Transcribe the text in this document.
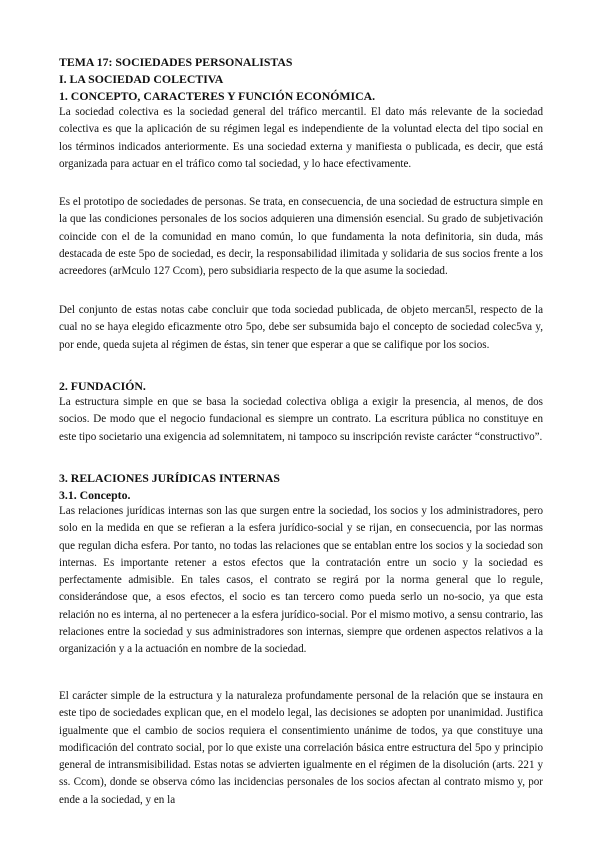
TEMA 17: SOCIEDADES PERSONALISTAS
I. LA SOCIEDAD COLECTIVA
1. CONCEPTO, CARACTERES Y FUNCIÓN ECONÓMICA.

La sociedad colectiva es la sociedad general del tráfico mercantil. El dato más relevante de la sociedad colectiva es que la aplicación de su régimen legal es independiente de la voluntad electa del tipo social en los términos indicados anteriormente. Es una sociedad externa y manifiesta o publicada, es decir, que está organizada para actuar en el tráfico como tal sociedad, y lo hace efectivamente.

Es el prototipo de sociedades de personas. Se trata, en consecuencia, de una sociedad de estructura simple en la que las condiciones personales de los socios adquieren una dimensión esencial. Su grado de subjetivación coincide con el de la comunidad en mano común, lo que fundamenta la nota definitoria, sin duda, más destacada de este 5po de sociedad, es decir, la responsabilidad ilimitada y solidaria de sus socios frente a los acreedores (arMculo 127 Ccom), pero subsidiaria respecto de la que asume la sociedad.

Del conjunto de estas notas cabe concluir que toda sociedad publicada, de objeto mercan5l, respecto de la cual no se haya elegido eficazmente otro 5po, debe ser subsumida bajo el concepto de sociedad colec5va y, por ende, queda sujeta al régimen de éstas, sin tener que esperar a que se califique por los socios.

2. FUNDACIÓN.

La estructura simple en que se basa la sociedad colectiva obliga a exigir la presencia, al menos, de dos socios. De modo que el negocio fundacional es siempre un contrato. La escritura pública no constituye en este tipo societario una exigencia ad solemnitatem, ni tampoco su inscripción reviste carácter “constructivo”.

3. RELACIONES JURÍDICAS INTERNAS
3.1. Concepto.

Las relaciones jurídicas internas son las que surgen entre la sociedad, los socios y los administradores, pero solo en la medida en que se refieran a la esfera jurídico-social y se rijan, en consecuencia, por las normas que regulan dicha esfera. Por tanto, no todas las relaciones que se entablan entre los socios y la sociedad son internas. Es importante retener a estos efectos que la contratación entre un socio y la sociedad es perfectamente admisible. En tales casos, el contrato se regirá por la norma general que lo regule, considerándose que, a esos efectos, el socio es tan tercero como pueda serlo un no-socio, ya que esta relación no es interna, al no pertenecer a la esfera jurídico-social. Por el mismo motivo, a sensu contrario, las relaciones entre la sociedad y sus administradores son internas, siempre que ordenen aspectos relativos a la organización y a la actuación en nombre de la sociedad.

El carácter simple de la estructura y la naturaleza profundamente personal de la relación que se instaura en este tipo de sociedades explican que, en el modelo legal, las decisiones se adopten por unanimidad. Justifica igualmente que el cambio de socios requiera el consentimiento unánime de todos, ya que constituye una modificación del contrato social, por lo que existe una correlación básica entre estructura del 5po y principio general de intransmisibilidad. Estas notas se advierten igualmente en el régimen de la disolución (arts. 221 y ss. Ccom), donde se observa cómo las incidencias personales de los socios afectan al contrato mismo y, por ende a la sociedad, y en la
